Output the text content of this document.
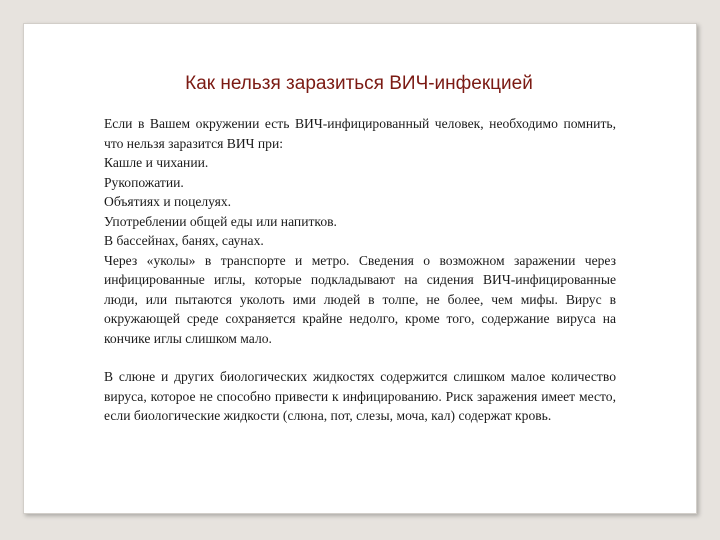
Как нельзя заразиться ВИЧ-инфекцией

Если в Вашем окружении есть ВИЧ-инфицированный человек, необходимо помнить, что нельзя заразится ВИЧ при:

Кашле и чихании.

Рукопожатии.

Объятиях и поцелуях.

Употреблении общей еды или напитков.

В бассейнах, банях, саунах.

Через «уколы» в транспорте и метро. Сведения о возможном заражении через инфицированные иглы, которые подкладывают на сидения ВИЧ-инфицированные люди, или пытаются уколоть ими людей в толпе, не более, чем мифы. Вирус в окружающей среде сохраняется крайне недолго, кроме того, содержание вируса на кончике иглы слишком мало.

В слюне и других биологических жидкостях содержится слишком малое количество вируса, которое не способно привести к инфицированию. Риск заражения имеет место, если биологические жидкости (слюна, пот, слезы, моча, кал) содержат кровь.
